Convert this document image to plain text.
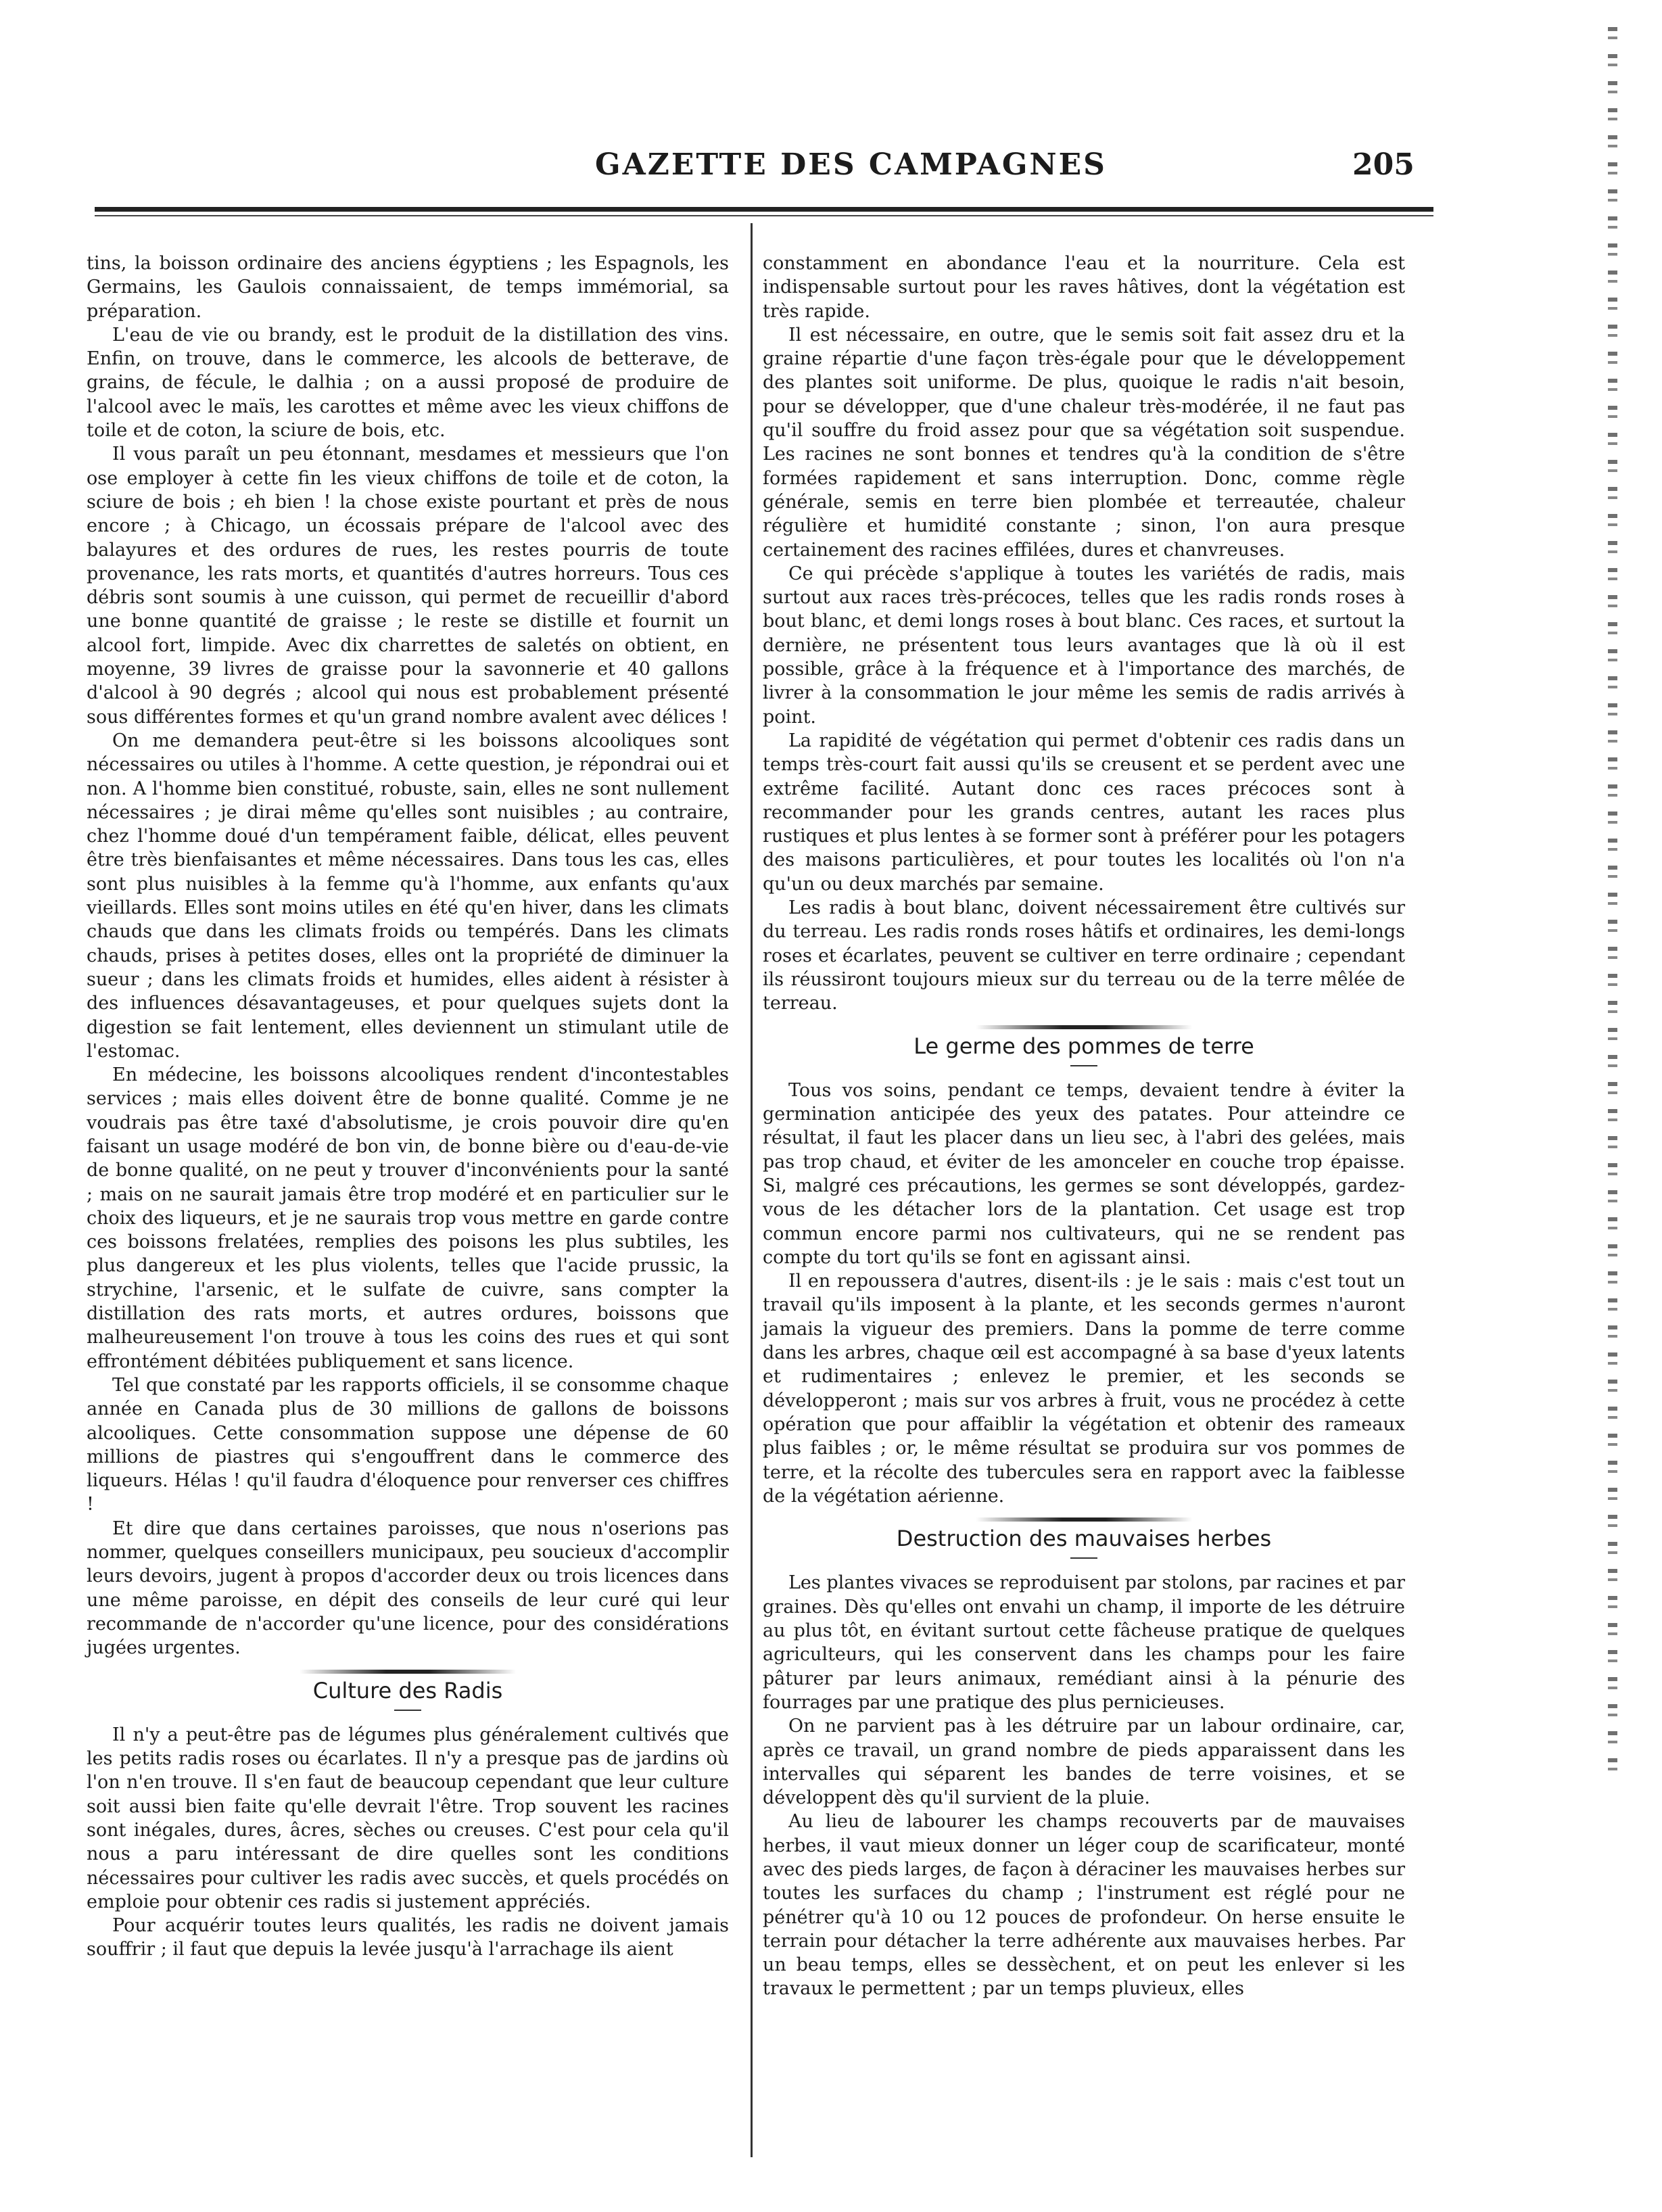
GAZETTE DES CAMPAGNES	205

tins, la boisson ordinaire des anciens égyptiens ; les Espagnols, les Germains, les Gaulois connaissaient, de temps immémorial, sa préparation.

L'eau de vie ou brandy, est le produit de la distillation des vins. Enfin, on trouve, dans le commerce, les alcools de betterave, de grains, de fécule, le dalhia ; on a aussi proposé de produire de l'alcool avec le maïs, les carottes et même avec les vieux chiffons de toile et de coton, la sciure de bois, etc.

Il vous paraît un peu étonnant, mesdames et messieurs que l'on ose employer à cette fin les vieux chiffons de toile et de coton, la sciure de bois ; eh bien ! la chose existe pourtant et près de nous encore ; à Chicago, un écossais prépare de l'alcool avec des balayures et des ordures de rues, les restes pourris de toute provenance, les rats morts, et quantités d'autres horreurs. Tous ces débris sont soumis à une cuisson, qui permet de recueillir d'abord une bonne quantité de graisse ; le reste se distille et fournit un alcool fort, limpide. Avec dix charrettes de saletés on obtient, en moyenne, 39 livres de graisse pour la savonnerie et 40 gallons d'alcool à 90 degrés ; alcool qui nous est probablement présenté sous différentes formes et qu'un grand nombre avalent avec délices !

On me demandera peut-être si les boissons alcooliques sont nécessaires ou utiles à l'homme. A cette question, je répondrai oui et non. A l'homme bien constitué, robuste, sain, elles ne sont nullement nécessaires ; je dirai même qu'elles sont nuisibles ; au contraire, chez l'homme doué d'un tempérament faible, délicat, elles peuvent être très bienfaisantes et même nécessaires. Dans tous les cas, elles sont plus nuisibles à la femme qu'à l'homme, aux enfants qu'aux vieillards. Elles sont moins utiles en été qu'en hiver, dans les climats chauds que dans les climats froids ou tempérés. Dans les climats chauds, prises à petites doses, elles ont la propriété de diminuer la sueur ; dans les climats froids et humides, elles aident à résister à des influences désavantageuses, et pour quelques sujets dont la digestion se fait lentement, elles deviennent un stimulant utile de l'estomac.

En médecine, les boissons alcooliques rendent d'incontestables services ; mais elles doivent être de bonne qualité. Comme je ne voudrais pas être taxé d'absolutisme, je crois pouvoir dire qu'en faisant un usage modéré de bon vin, de bonne bière ou d'eau-de-vie de bonne qualité, on ne peut y trouver d'inconvénients pour la santé ; mais on ne saurait jamais être trop modéré et en particulier sur le choix des liqueurs, et je ne saurais trop vous mettre en garde contre ces boissons frelatées, remplies des poisons les plus subtiles, les plus dangereux et les plus violents, telles que l'acide prussic, la strychine, l'arsenic, et le sulfate de cuivre, sans compter la distillation des rats morts, et autres ordures, boissons que malheureusement l'on trouve à tous les coins des rues et qui sont effrontément débitées publiquement et sans licence.

Tel que constaté par les rapports officiels, il se consomme chaque année en Canada plus de 30 millions de gallons de boissons alcooliques. Cette consommation suppose une dépense de 60 millions de piastres qui s'engouffrent dans le commerce des liqueurs. Hélas ! qu'il faudra d'éloquence pour renverser ces chiffres !

Et dire que dans certaines paroisses, que nous n'oserions pas nommer, quelques conseillers municipaux, peu soucieux d'accomplir leurs devoirs, jugent à propos d'accorder deux ou trois licences dans une même paroisse, en dépit des conseils de leur curé qui leur recommande de n'accorder qu'une licence, pour des considérations jugées urgentes.

Culture des Radis

Il n'y a peut-être pas de légumes plus généralement cultivés que les petits radis roses ou écarlates. Il n'y a presque pas de jardins où l'on n'en trouve. Il s'en faut de beaucoup cependant que leur culture soit aussi bien faite qu'elle devrait l'être. Trop souvent les racines sont inégales, dures, âcres, sèches ou creuses. C'est pour cela qu'il nous a paru intéressant de dire quelles sont les conditions nécessaires pour cultiver les radis avec succès, et quels procédés on emploie pour obtenir ces radis si justement appréciés.

Pour acquérir toutes leurs qualités, les radis ne doivent jamais souffrir ; il faut que depuis la levée jusqu'à l'arrachage ils aient

constamment en abondance l'eau et la nourriture. Cela est indispensable surtout pour les raves hâtives, dont la végétation est très rapide.

Il est nécessaire, en outre, que le semis soit fait assez dru et la graine répartie d'une façon très-égale pour que le développement des plantes soit uniforme. De plus, quoique le radis n'ait besoin, pour se développer, que d'une chaleur très-modérée, il ne faut pas qu'il souffre du froid assez pour que sa végétation soit suspendue. Les racines ne sont bonnes et tendres qu'à la condition de s'être formées rapidement et sans interruption. Donc, comme règle générale, semis en terre bien plombée et terreautée, chaleur régulière et humidité constante ; sinon, l'on aura presque certainement des racines effilées, dures et chanvreuses.

Ce qui précède s'applique à toutes les variétés de radis, mais surtout aux races très-précoces, telles que les radis ronds roses à bout blanc, et demi longs roses à bout blanc. Ces races, et surtout la dernière, ne présentent tous leurs avantages que là où il est possible, grâce à la fréquence et à l'importance des marchés, de livrer à la consommation le jour même les semis de radis arrivés à point.

La rapidité de végétation qui permet d'obtenir ces radis dans un temps très-court fait aussi qu'ils se creusent et se perdent avec une extrême facilité. Autant donc ces races précoces sont à recommander pour les grands centres, autant les races plus rustiques et plus lentes à se former sont à préférer pour les potagers des maisons particulières, et pour toutes les localités où l'on n'a qu'un ou deux marchés par semaine.

Les radis à bout blanc, doivent nécessairement être cultivés sur du terreau. Les radis ronds roses hâtifs et ordinaires, les demi-longs roses et écarlates, peuvent se cultiver en terre ordinaire ; cependant ils réussiront toujours mieux sur du terreau ou de la terre mêlée de terreau.

Le germe des pommes de terre

Tous vos soins, pendant ce temps, devaient tendre à éviter la germination anticipée des yeux des patates. Pour atteindre ce résultat, il faut les placer dans un lieu sec, à l'abri des gelées, mais pas trop chaud, et éviter de les amonceler en couche trop épaisse. Si, malgré ces précautions, les germes se sont développés, gardez-vous de les détacher lors de la plantation. Cet usage est trop commun encore parmi nos cultivateurs, qui ne se rendent pas compte du tort qu'ils se font en agissant ainsi.

Il en repoussera d'autres, disent-ils : je le sais : mais c'est tout un travail qu'ils imposent à la plante, et les seconds germes n'auront jamais la vigueur des premiers. Dans la pomme de terre comme dans les arbres, chaque œil est accompagné à sa base d'yeux latents et rudimentaires ; enlevez le premier, et les seconds se développeront ; mais sur vos arbres à fruit, vous ne procédez à cette opération que pour affaiblir la végétation et obtenir des rameaux plus faibles ; or, le même résultat se produira sur vos pommes de terre, et la récolte des tubercules sera en rapport avec la faiblesse de la végétation aérienne.

Destruction des mauvaises herbes

Les plantes vivaces se reproduisent par stolons, par racines et par graines. Dès qu'elles ont envahi un champ, il importe de les détruire au plus tôt, en évitant surtout cette fâcheuse pratique de quelques agriculteurs, qui les conservent dans les champs pour les faire pâturer par leurs animaux, remédiant ainsi à la pénurie des fourrages par une pratique des plus pernicieuses.

On ne parvient pas à les détruire par un labour ordinaire, car, après ce travail, un grand nombre de pieds apparaissent dans les intervalles qui séparent les bandes de terre voisines, et se développent dès qu'il survient de la pluie.

Au lieu de labourer les champs recouverts par de mauvaises herbes, il vaut mieux donner un léger coup de scarificateur, monté avec des pieds larges, de façon à déraciner les mauvaises herbes sur toutes les surfaces du champ ; l'instrument est réglé pour ne pénétrer qu'à 10 ou 12 pouces de profondeur. On herse ensuite le terrain pour détacher la terre adhérente aux mauvaises herbes. Par un beau temps, elles se dessèchent, et on peut les enlever si les travaux le permettent ; par un temps pluvieux, elles
